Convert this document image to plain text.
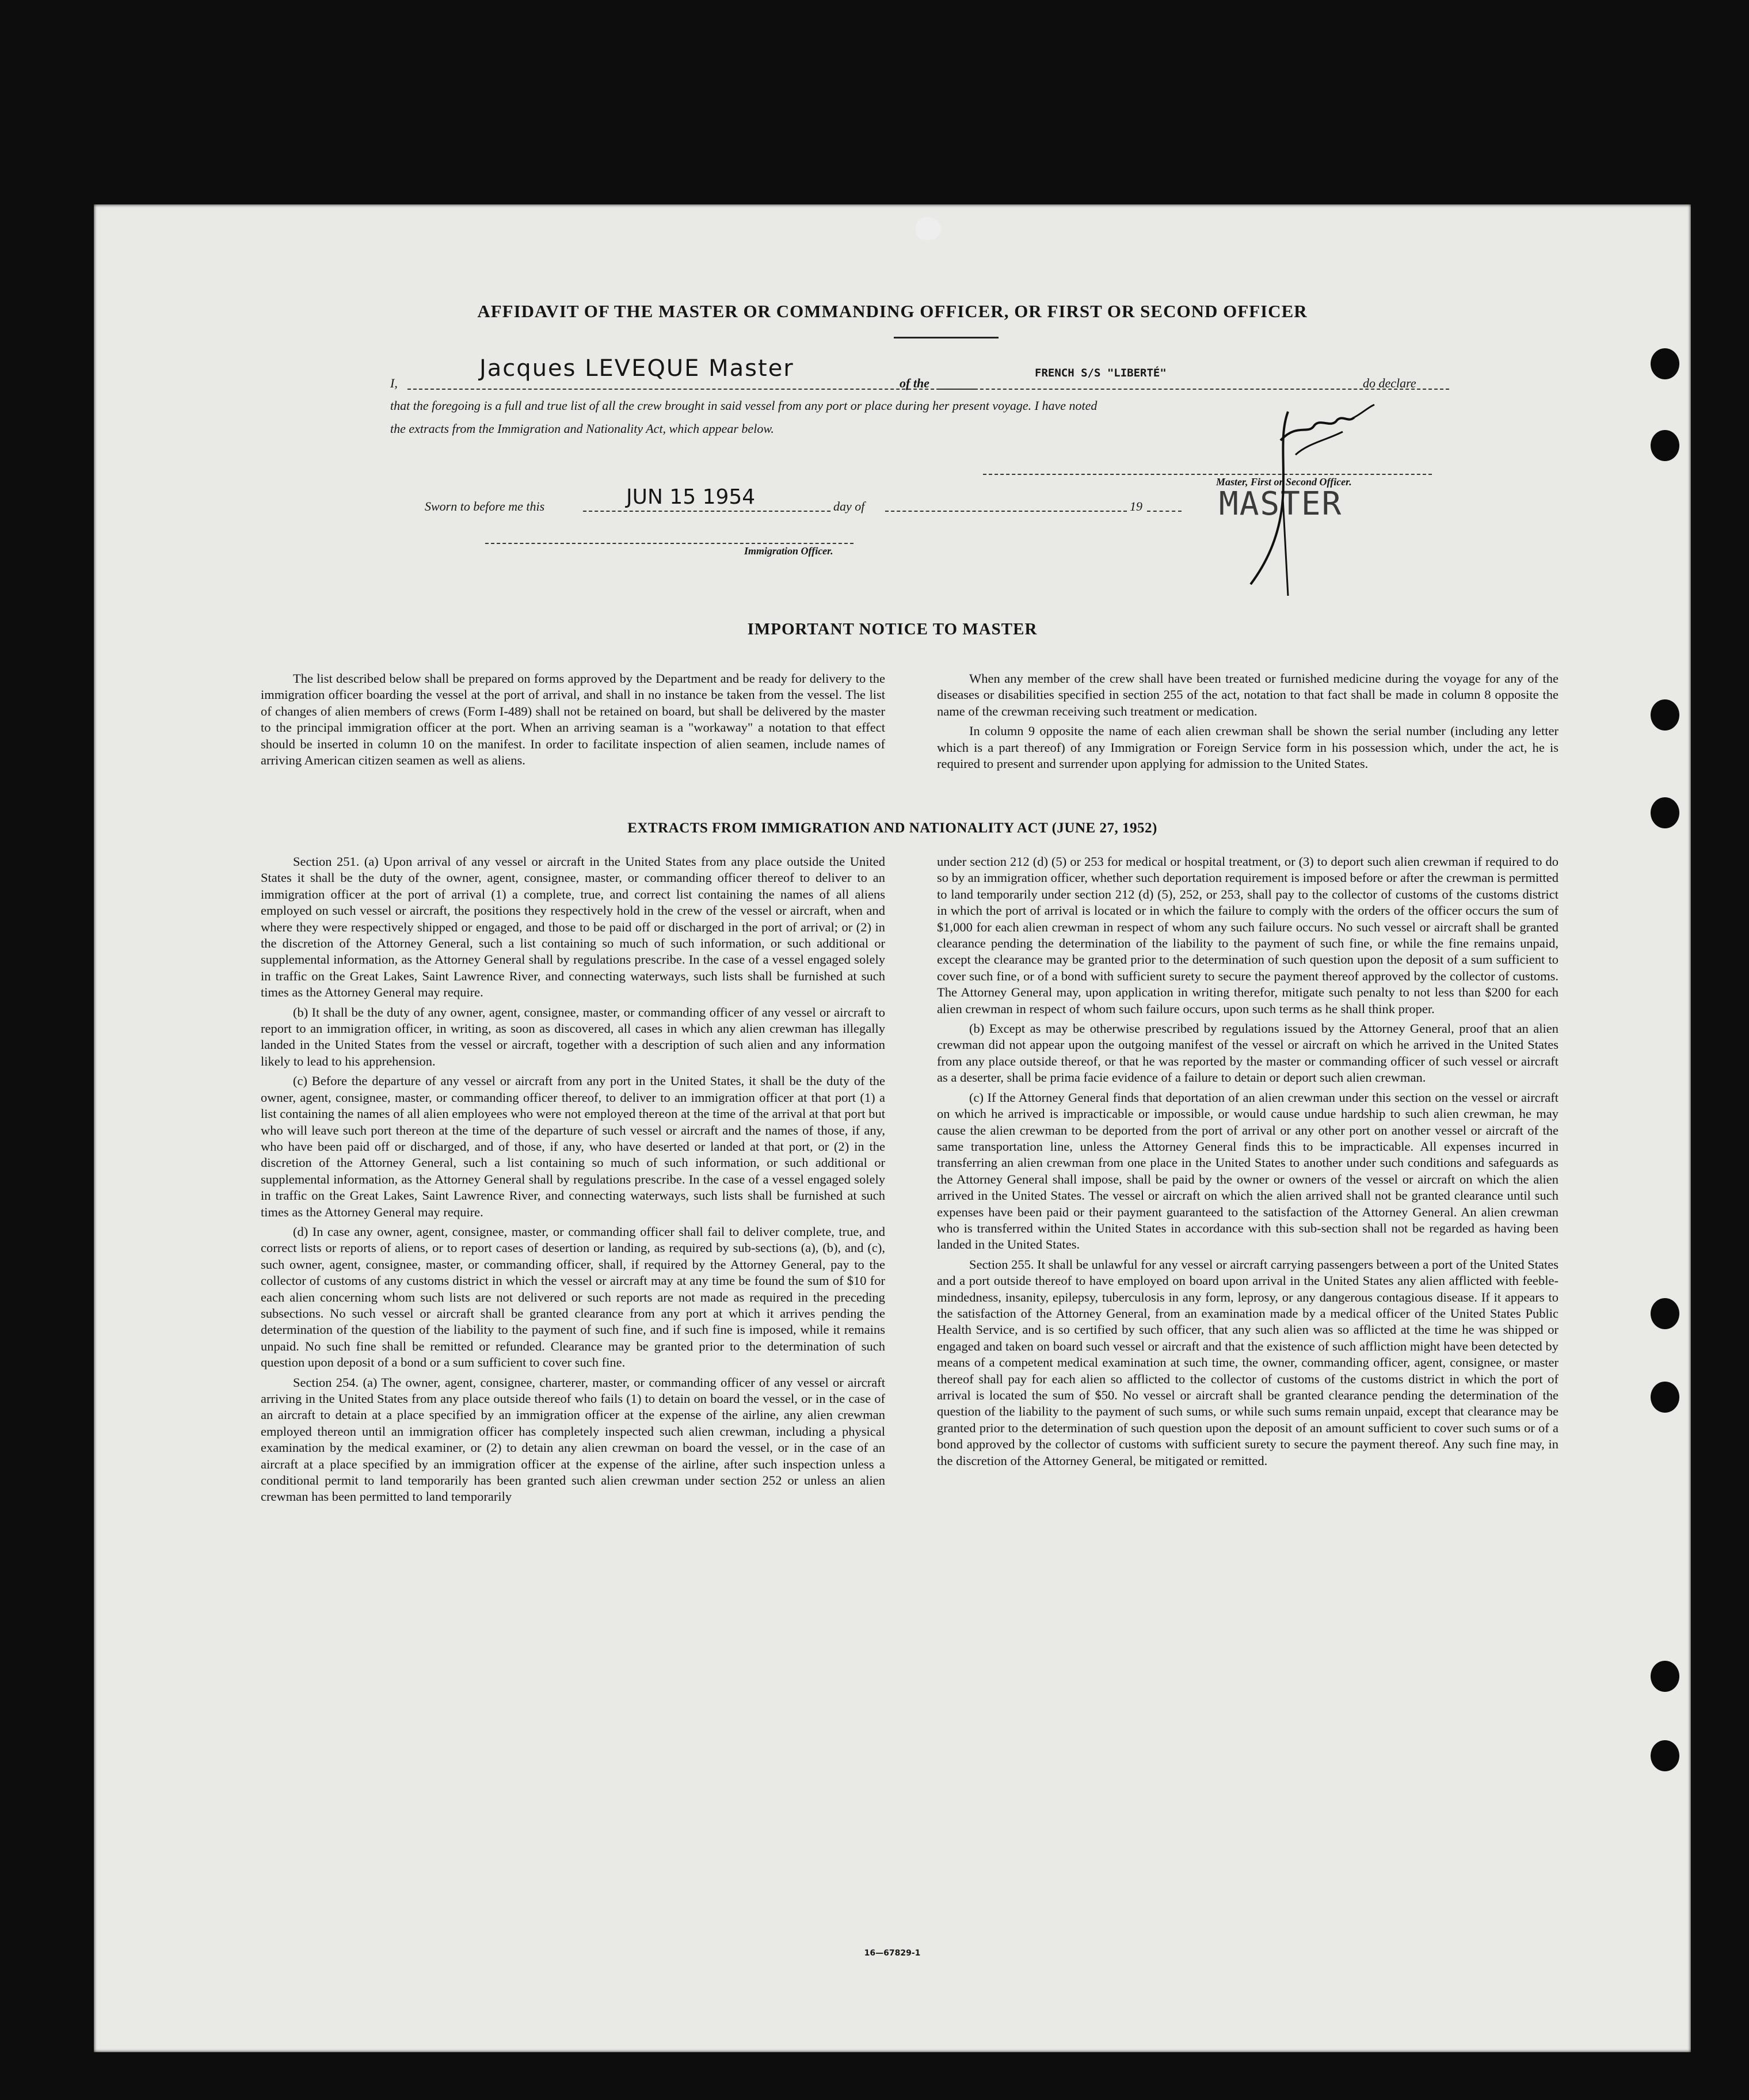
AFFIDAVIT OF THE MASTER OR COMMANDING OFFICER, OR FIRST OR SECOND OFFICER
I,
Jacques LEVEQUE Master
of the
FRENCH S/S "LIBERTÉ"
do declare
that the foregoing is a full and true list of all the crew brought in said vessel from any port or place during her present voyage. I have noted
the extracts from the Immigration and Nationality Act, which appear below.
Master, First or Second Officer.
MASTER
Sworn to before me this	JUN 15 1954	day of	19
Immigration Officer.
IMPORTANT NOTICE TO MASTER

The list described below shall be prepared on forms approved by the Department and be ready for delivery to the immigration officer boarding the vessel at the port of arrival, and shall in no instance be taken from the vessel. The list of changes of alien members of crews (Form I-489) shall not be retained on board, but shall be delivered by the master to the principal immigration officer at the port. When an arriving seaman is a "workaway" a notation to that effect should be inserted in column 10 on the manifest. In order to facilitate inspection of alien seamen, include names of arriving American citizen seamen as well as aliens.

When any member of the crew shall have been treated or furnished medicine during the voyage for any of the diseases or disabilities specified in section 255 of the act, notation to that fact shall be made in column 8 opposite the name of the crewman receiving such treatment or medication.

In column 9 opposite the name of each alien crewman shall be shown the serial number (including any letter which is a part thereof) of any Immigration or Foreign Service form in his possession which, under the act, he is required to present and surrender upon applying for admission to the United States.

EXTRACTS FROM IMMIGRATION AND NATIONALITY ACT (JUNE 27, 1952)

Section 251. (a) Upon arrival of any vessel or aircraft in the United States from any place outside the United States it shall be the duty of the owner, agent, consignee, master, or commanding officer thereof to deliver to an immigration officer at the port of arrival (1) a complete, true, and correct list containing the names of all aliens employed on such vessel or aircraft, the positions they respectively hold in the crew of the vessel or aircraft, when and where they were respectively shipped or engaged, and those to be paid off or discharged in the port of arrival; or (2) in the discretion of the Attorney General, such a list containing so much of such information, or such additional or supplemental information, as the Attorney General shall by regulations prescribe. In the case of a vessel engaged solely in traffic on the Great Lakes, Saint Lawrence River, and connecting waterways, such lists shall be furnished at such times as the Attorney General may require.

(b) It shall be the duty of any owner, agent, consignee, master, or commanding officer of any vessel or aircraft to report to an immigration officer, in writing, as soon as discovered, all cases in which any alien crewman has illegally landed in the United States from the vessel or aircraft, together with a description of such alien and any information likely to lead to his apprehension.

(c) Before the departure of any vessel or aircraft from any port in the United States, it shall be the duty of the owner, agent, consignee, master, or commanding officer thereof, to deliver to an immigration officer at that port (1) a list containing the names of all alien employees who were not employed thereon at the time of the arrival at that port but who will leave such port thereon at the time of the departure of such vessel or aircraft and the names of those, if any, who have been paid off or discharged, and of those, if any, who have deserted or landed at that port, or (2) in the discretion of the Attorney General, such a list containing so much of such information, or such additional or supplemental information, as the Attorney General shall by regulations prescribe. In the case of a vessel engaged solely in traffic on the Great Lakes, Saint Lawrence River, and connecting waterways, such lists shall be furnished at such times as the Attorney General may require.

(d) In case any owner, agent, consignee, master, or commanding officer shall fail to deliver complete, true, and correct lists or reports of aliens, or to report cases of desertion or landing, as required by sub-sections (a), (b), and (c), such owner, agent, consignee, master, or commanding officer, shall, if required by the Attorney General, pay to the collector of customs of any customs district in which the vessel or aircraft may at any time be found the sum of $10 for each alien concerning whom such lists are not delivered or such reports are not made as required in the preceding subsections. No such vessel or aircraft shall be granted clearance from any port at which it arrives pending the determination of the question of the liability to the payment of such fine, and if such fine is imposed, while it remains unpaid. No such fine shall be remitted or refunded. Clearance may be granted prior to the determination of such question upon deposit of a bond or a sum sufficient to cover such fine.

Section 254. (a) The owner, agent, consignee, charterer, master, or commanding officer of any vessel or aircraft arriving in the United States from any place outside thereof who fails (1) to detain on board the vessel, or in the case of an aircraft to detain at a place specified by an immigration officer at the expense of the airline, any alien crewman employed thereon until an immigration officer has completely inspected such alien crewman, including a physical examination by the medical examiner, or (2) to detain any alien crewman on board the vessel, or in the case of an aircraft at a place specified by an immigration officer at the expense of the airline, after such inspection unless a conditional permit to land temporarily has been granted such alien crewman under section 252 or unless an alien crewman has been permitted to land temporarily

under section 212 (d) (5) or 253 for medical or hospital treatment, or (3) to deport such alien crewman if required to do so by an immigration officer, whether such deportation requirement is imposed before or after the crewman is permitted to land temporarily under section 212 (d) (5), 252, or 253, shall pay to the collector of customs of the customs district in which the port of arrival is located or in which the failure to comply with the orders of the officer occurs the sum of $1,000 for each alien crewman in respect of whom any such failure occurs. No such vessel or aircraft shall be granted clearance pending the determination of the liability to the payment of such fine, or while the fine remains unpaid, except the clearance may be granted prior to the determination of such question upon the deposit of a sum sufficient to cover such fine, or of a bond with sufficient surety to secure the payment thereof approved by the collector of customs. The Attorney General may, upon application in writing therefor, mitigate such penalty to not less than $200 for each alien crewman in respect of whom such failure occurs, upon such terms as he shall think proper.

(b) Except as may be otherwise prescribed by regulations issued by the Attorney General, proof that an alien crewman did not appear upon the outgoing manifest of the vessel or aircraft on which he arrived in the United States from any place outside thereof, or that he was reported by the master or commanding officer of such vessel or aircraft as a deserter, shall be prima facie evidence of a failure to detain or deport such alien crewman.

(c) If the Attorney General finds that deportation of an alien crewman under this section on the vessel or aircraft on which he arrived is impracticable or impossible, or would cause undue hardship to such alien crewman, he may cause the alien crewman to be deported from the port of arrival or any other port on another vessel or aircraft of the same transportation line, unless the Attorney General finds this to be impracticable. All expenses incurred in transferring an alien crewman from one place in the United States to another under such conditions and safeguards as the Attorney General shall impose, shall be paid by the owner or owners of the vessel or aircraft on which the alien arrived in the United States. The vessel or aircraft on which the alien arrived shall not be granted clearance until such expenses have been paid or their payment guaranteed to the satisfaction of the Attorney General. An alien crewman who is transferred within the United States in accordance with this sub-section shall not be regarded as having been landed in the United States.

Section 255. It shall be unlawful for any vessel or aircraft carrying passengers between a port of the United States and a port outside thereof to have employed on board upon arrival in the United States any alien afflicted with feeble-mindedness, insanity, epilepsy, tuberculosis in any form, leprosy, or any dangerous contagious disease. If it appears to the satisfaction of the Attorney General, from an examination made by a medical officer of the United States Public Health Service, and is so certified by such officer, that any such alien was so afflicted at the time he was shipped or engaged and taken on board such vessel or aircraft and that the existence of such affliction might have been detected by means of a competent medical examination at such time, the owner, commanding officer, agent, consignee, or master thereof shall pay for each alien so afflicted to the collector of customs of the customs district in which the port of arrival is located the sum of $50. No vessel or aircraft shall be granted clearance pending the determination of the question of the liability to the payment of such sums, or while such sums remain unpaid, except that clearance may be granted prior to the determination of such question upon the deposit of an amount sufficient to cover such sums or of a bond approved by the collector of customs with sufficient surety to secure the payment thereof. Any such fine may, in the discretion of the Attorney General, be mitigated or remitted.

16—67829-1
